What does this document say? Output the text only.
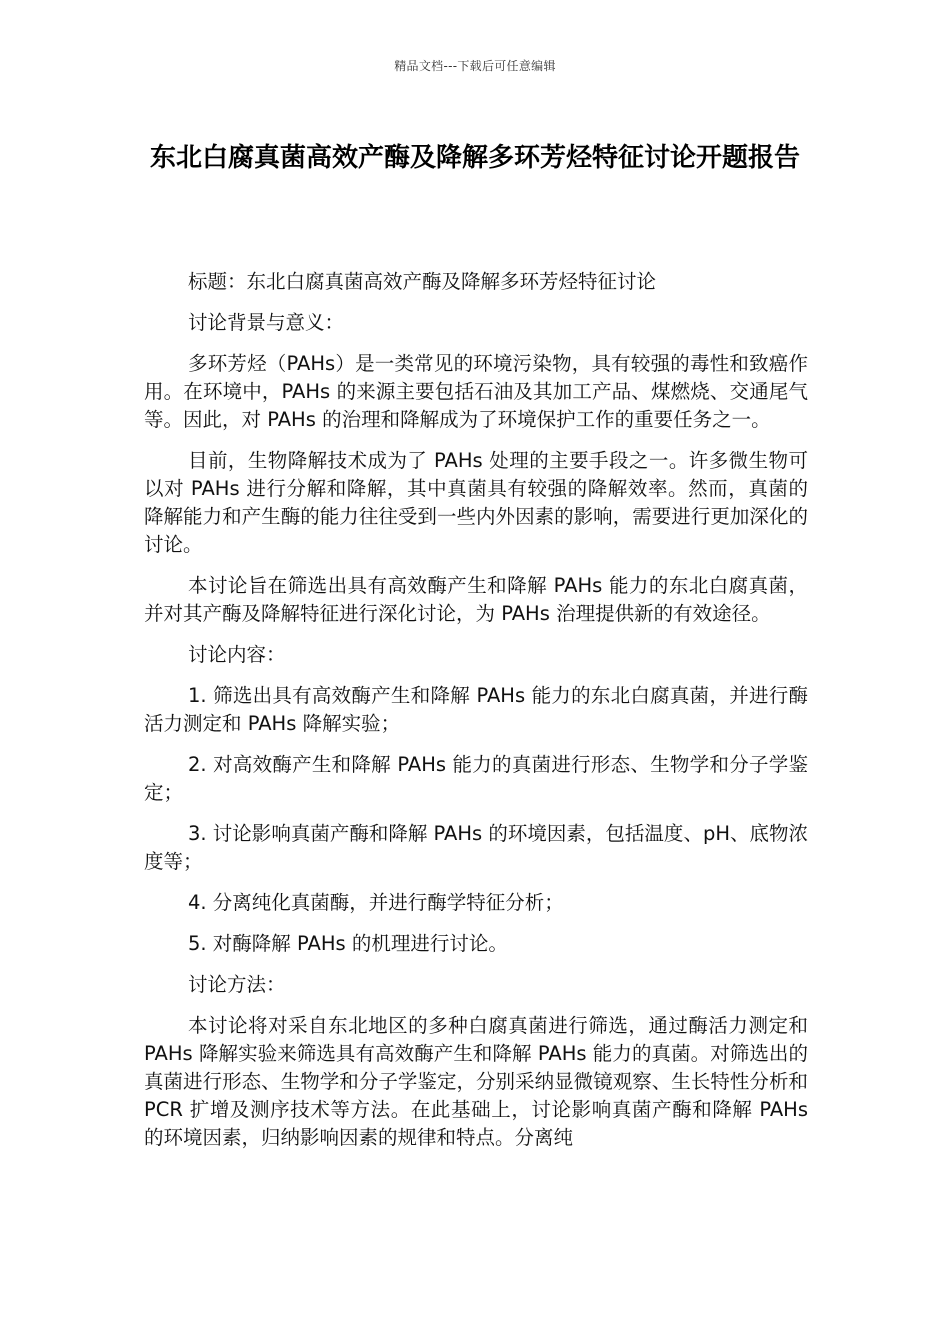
精品文档---下载后可任意编辑
东北白腐真菌高效产酶及降解多环芳烃特征讨论开题报告

标题：东北白腐真菌高效产酶及降解多环芳烃特征讨论

讨论背景与意义：

多环芳烃（PAHs）是一类常见的环境污染物，具有较强的毒性和致癌作用。在环境中，PAHs 的来源主要包括石油及其加工产品、煤燃烧、交通尾气等。因此，对 PAHs 的治理和降解成为了环境保护工作的重要任务之一。

目前，生物降解技术成为了 PAHs 处理的主要手段之一。许多微生物可以对 PAHs 进行分解和降解，其中真菌具有较强的降解效率。然而，真菌的降解能力和产生酶的能力往往受到一些内外因素的影响，需要进行更加深化的讨论。

本讨论旨在筛选出具有高效酶产生和降解 PAHs 能力的东北白腐真菌，并对其产酶及降解特征进行深化讨论，为 PAHs 治理提供新的有效途径。

讨论内容：

1. 筛选出具有高效酶产生和降解 PAHs 能力的东北白腐真菌，并进行酶活力测定和 PAHs 降解实验；

2. 对高效酶产生和降解 PAHs 能力的真菌进行形态、生物学和分子学鉴定；

3. 讨论影响真菌产酶和降解 PAHs 的环境因素，包括温度、pH、底物浓度等；

4. 分离纯化真菌酶，并进行酶学特征分析；

5. 对酶降解 PAHs 的机理进行讨论。

讨论方法：

本讨论将对采自东北地区的多种白腐真菌进行筛选，通过酶活力测定和 PAHs 降解实验来筛选具有高效酶产生和降解 PAHs 能力的真菌。对筛选出的真菌进行形态、生物学和分子学鉴定，分别采纳显微镜观察、生长特性分析和 PCR 扩增及测序技术等方法。在此基础上，讨论影响真菌产酶和降解 PAHs 的环境因素，归纳影响因素的规律和特点。分离纯
